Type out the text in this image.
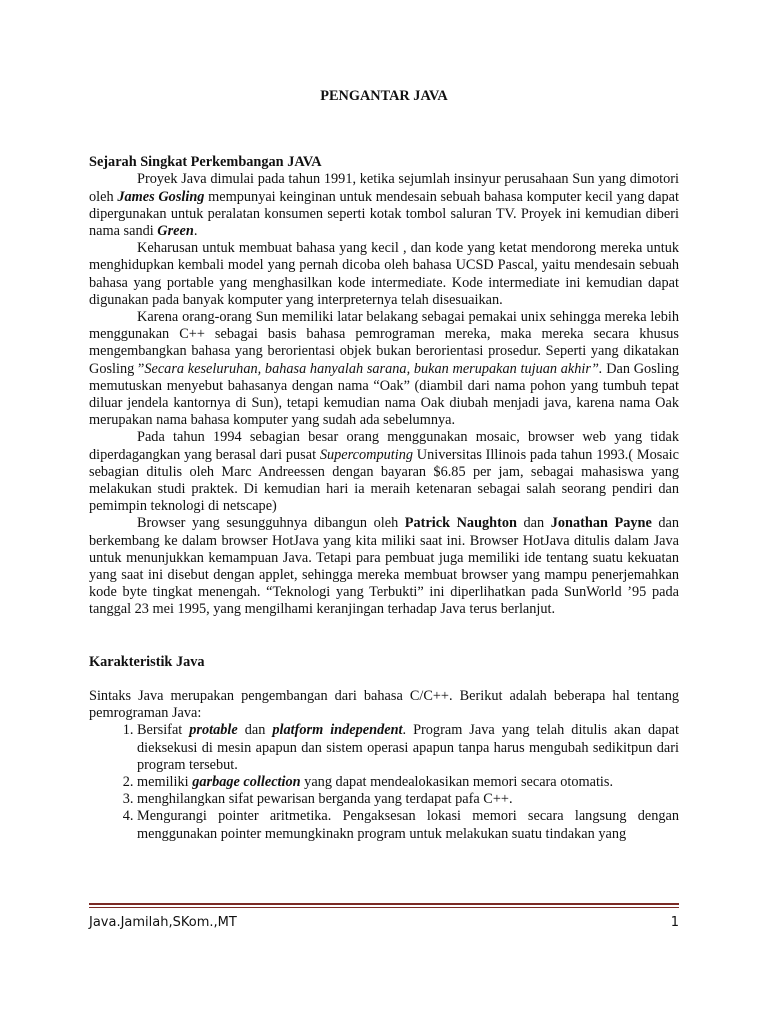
PENGANTAR JAVA
Sejarah Singkat Perkembangan JAVA

Proyek Java dimulai pada tahun 1991, ketika sejumlah insinyur perusahaan Sun yang dimotori oleh James Gosling mempunyai keinginan untuk mendesain sebuah bahasa komputer kecil yang dapat dipergunakan untuk peralatan konsumen seperti kotak tombol saluran TV. Proyek ini kemudian diberi nama sandi Green.

Keharusan untuk membuat bahasa yang kecil , dan kode yang ketat mendorong mereka untuk menghidupkan kembali model yang pernah dicoba oleh bahasa UCSD Pascal, yaitu mendesain sebuah bahasa yang portable yang menghasilkan kode intermediate. Kode intermediate ini kemudian dapat digunakan pada banyak komputer yang interpreternya telah disesuaikan.

Karena orang-orang Sun memiliki latar belakang sebagai pemakai unix sehingga mereka lebih menggunakan C++ sebagai basis bahasa pemrograman mereka, maka mereka secara khusus mengembangkan bahasa yang berorientasi objek bukan berorientasi prosedur. Seperti yang dikatakan Gosling ”Secara keseluruhan, bahasa hanyalah sarana, bukan merupakan tujuan akhir”. Dan Gosling memutuskan menyebut bahasanya dengan nama “Oak” (diambil dari nama pohon yang tumbuh tepat diluar jendela kantornya di Sun), tetapi kemudian nama Oak diubah menjadi java, karena nama Oak merupakan nama bahasa komputer yang sudah ada sebelumnya.

Pada tahun 1994 sebagian besar orang menggunakan mosaic, browser web yang tidak diperdagangkan yang berasal dari pusat Supercomputing Universitas Illinois pada tahun 1993.( Mosaic sebagian ditulis oleh Marc Andreessen dengan bayaran $6.85 per jam, sebagai mahasiswa yang melakukan studi praktek. Di kemudian hari ia meraih ketenaran sebagai salah seorang pendiri dan pemimpin teknologi di netscape)

Browser yang sesungguhnya dibangun oleh Patrick Naughton dan Jonathan Payne dan berkembang ke dalam browser HotJava yang kita miliki saat ini. Browser HotJava ditulis dalam Java untuk menunjukkan kemampuan Java. Tetapi para pembuat juga memiliki ide tentang suatu kekuatan yang saat ini disebut dengan applet, sehingga mereka membuat browser yang mampu penerjemahkan kode byte tingkat menengah. “Teknologi yang Terbukti” ini diperlihatkan pada SunWorld ’95 pada tanggal 23 mei 1995, yang mengilhami keranjingan terhadap Java terus berlanjut.

Karakteristik Java

Sintaks Java merupakan pengembangan dari bahasa C/C++. Berikut adalah beberapa hal tentang pemrograman Java:

1. Bersifat protable dan platform independent. Program Java yang telah ditulis akan dapat dieksekusi di mesin apapun dan sistem operasi apapun tanpa harus mengubah sedikitpun dari program tersebut.
2. memiliki garbage collection yang dapat mendealokasikan memori secara otomatis.
3. menghilangkan sifat pewarisan berganda yang terdapat pafa C++.
4. Mengurangi pointer aritmetika. Pengaksesan lokasi memori secara langsung dengan menggunakan pointer memungkinakn program untuk melakukan suatu tindakan yang
Java.Jamilah,SKom.,MT	1
